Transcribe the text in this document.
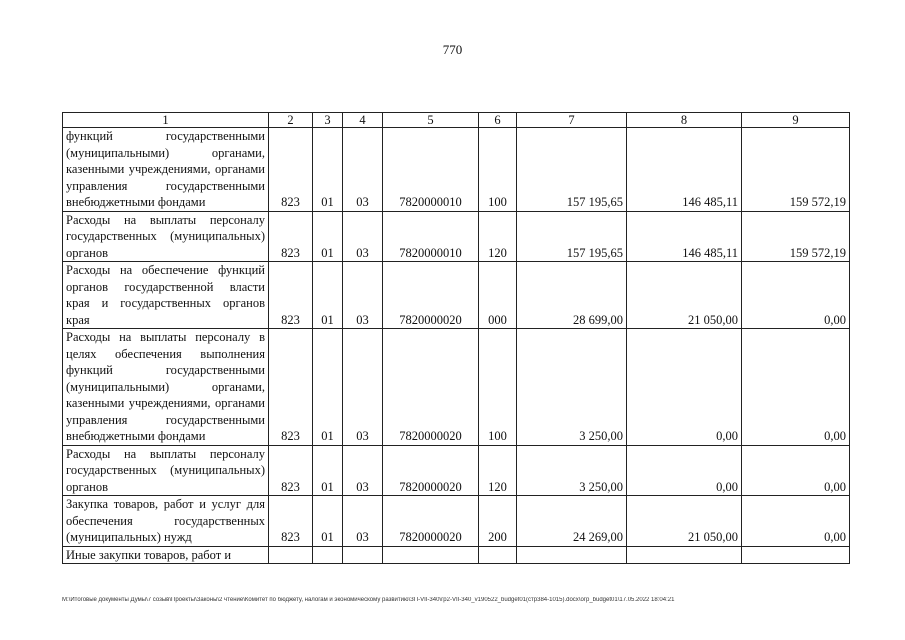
770
1	2	3	4	5	6	7	8	9
функций государственными (муниципальными) органами, казенными учреждениями, органами управления государственными внебюджетными фондами	823	01	03	7820000010	100	157 195,65	146 485,11	159 572,19
Расходы на выплаты персоналу государственных (муниципальных) органов	823	01	03	7820000010	120	157 195,65	146 485,11	159 572,19
Расходы на обеспечение функций органов государственной власти края и государственных органов края	823	01	03	7820000020	000	28 699,00	21 050,00	0,00
Расходы на выплаты персоналу в целях обеспечения выполнения функций государственными (муниципальными) органами, казенными учреждениями, органами управления государственными внебюджетными фондами	823	01	03	7820000020	100	3 250,00	0,00	0,00
Расходы на выплаты персоналу государственных (муниципальных) органов	823	01	03	7820000020	120	3 250,00	0,00	0,00
Закупка товаров, работ и услуг для обеспечения государственных (муниципальных) нужд	823	01	03	7820000020	200	24 269,00	21 050,00	0,00
Иные закупки товаров, работ и								
M:\Итоговые документы Думы\7 созыв\Проекты\Законы\2 чтение\Комитет по бюджету, налогам и экономическому развитию\ЗП-VII-340\гр2-VII-340_v190522_budget01(стр384-1015).docx\огр_budget01\17.05.2022 18:04:21
